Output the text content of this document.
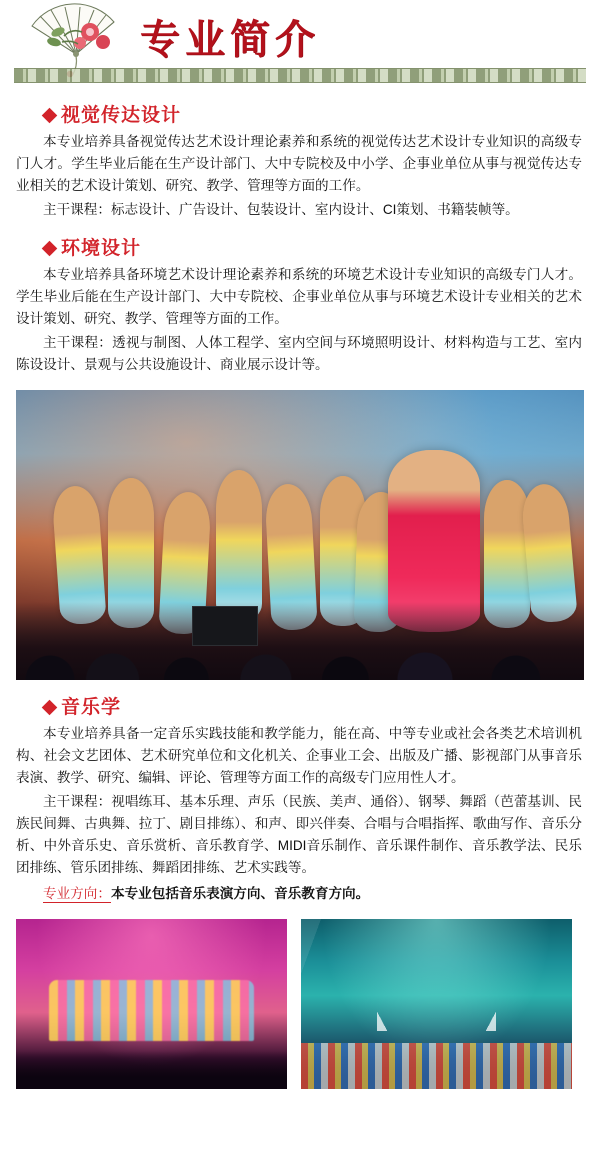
专业简介
视觉传达设计

本专业培养具备视觉传达艺术设计理论素养和系统的视觉传达艺术设计专业知识的高级专门人才。学生毕业后能在生产设计部门、大中专院校及中小学、企事业单位从事与视觉传达专业相关的艺术设计策划、研究、教学、管理等方面的工作。

主干课程：标志设计、广告设计、包装设计、室内设计、CI策划、书籍装帧等。

环境设计

本专业培养具备环境艺术设计理论素养和系统的环境艺术设计专业知识的高级专门人才。学生毕业后能在生产设计部门、大中专院校、企事业单位从事与环境艺术设计专业相关的艺术设计策划、研究、教学、管理等方面的工作。

主干课程：透视与制图、人体工程学、室内空间与环境照明设计、材料构造与工艺、室内陈设设计、景观与公共设施设计、商业展示设计等。

音乐学

本专业培养具备一定音乐实践技能和教学能力，能在高、中等专业或社会各类艺术培训机构、社会文艺团体、艺术研究单位和文化机关、企事业工会、出版及广播、影视部门从事音乐表演、教学、研究、编辑、评论、管理等方面工作的高级专门应用性人才。

主干课程：视唱练耳、基本乐理、声乐（民族、美声、通俗）、钢琴、舞蹈（芭蕾基训、民族民间舞、古典舞、拉丁、剧目排练）、和声、即兴伴奏、合唱与合唱指挥、歌曲写作、音乐分析、中外音乐史、音乐赏析、音乐教育学、MIDI音乐制作、音乐课件制作、音乐教学法、民乐团排练、管乐团排练、舞蹈团排练、艺术实践等。

专业方向：本专业包括音乐表演方向、音乐教育方向。
